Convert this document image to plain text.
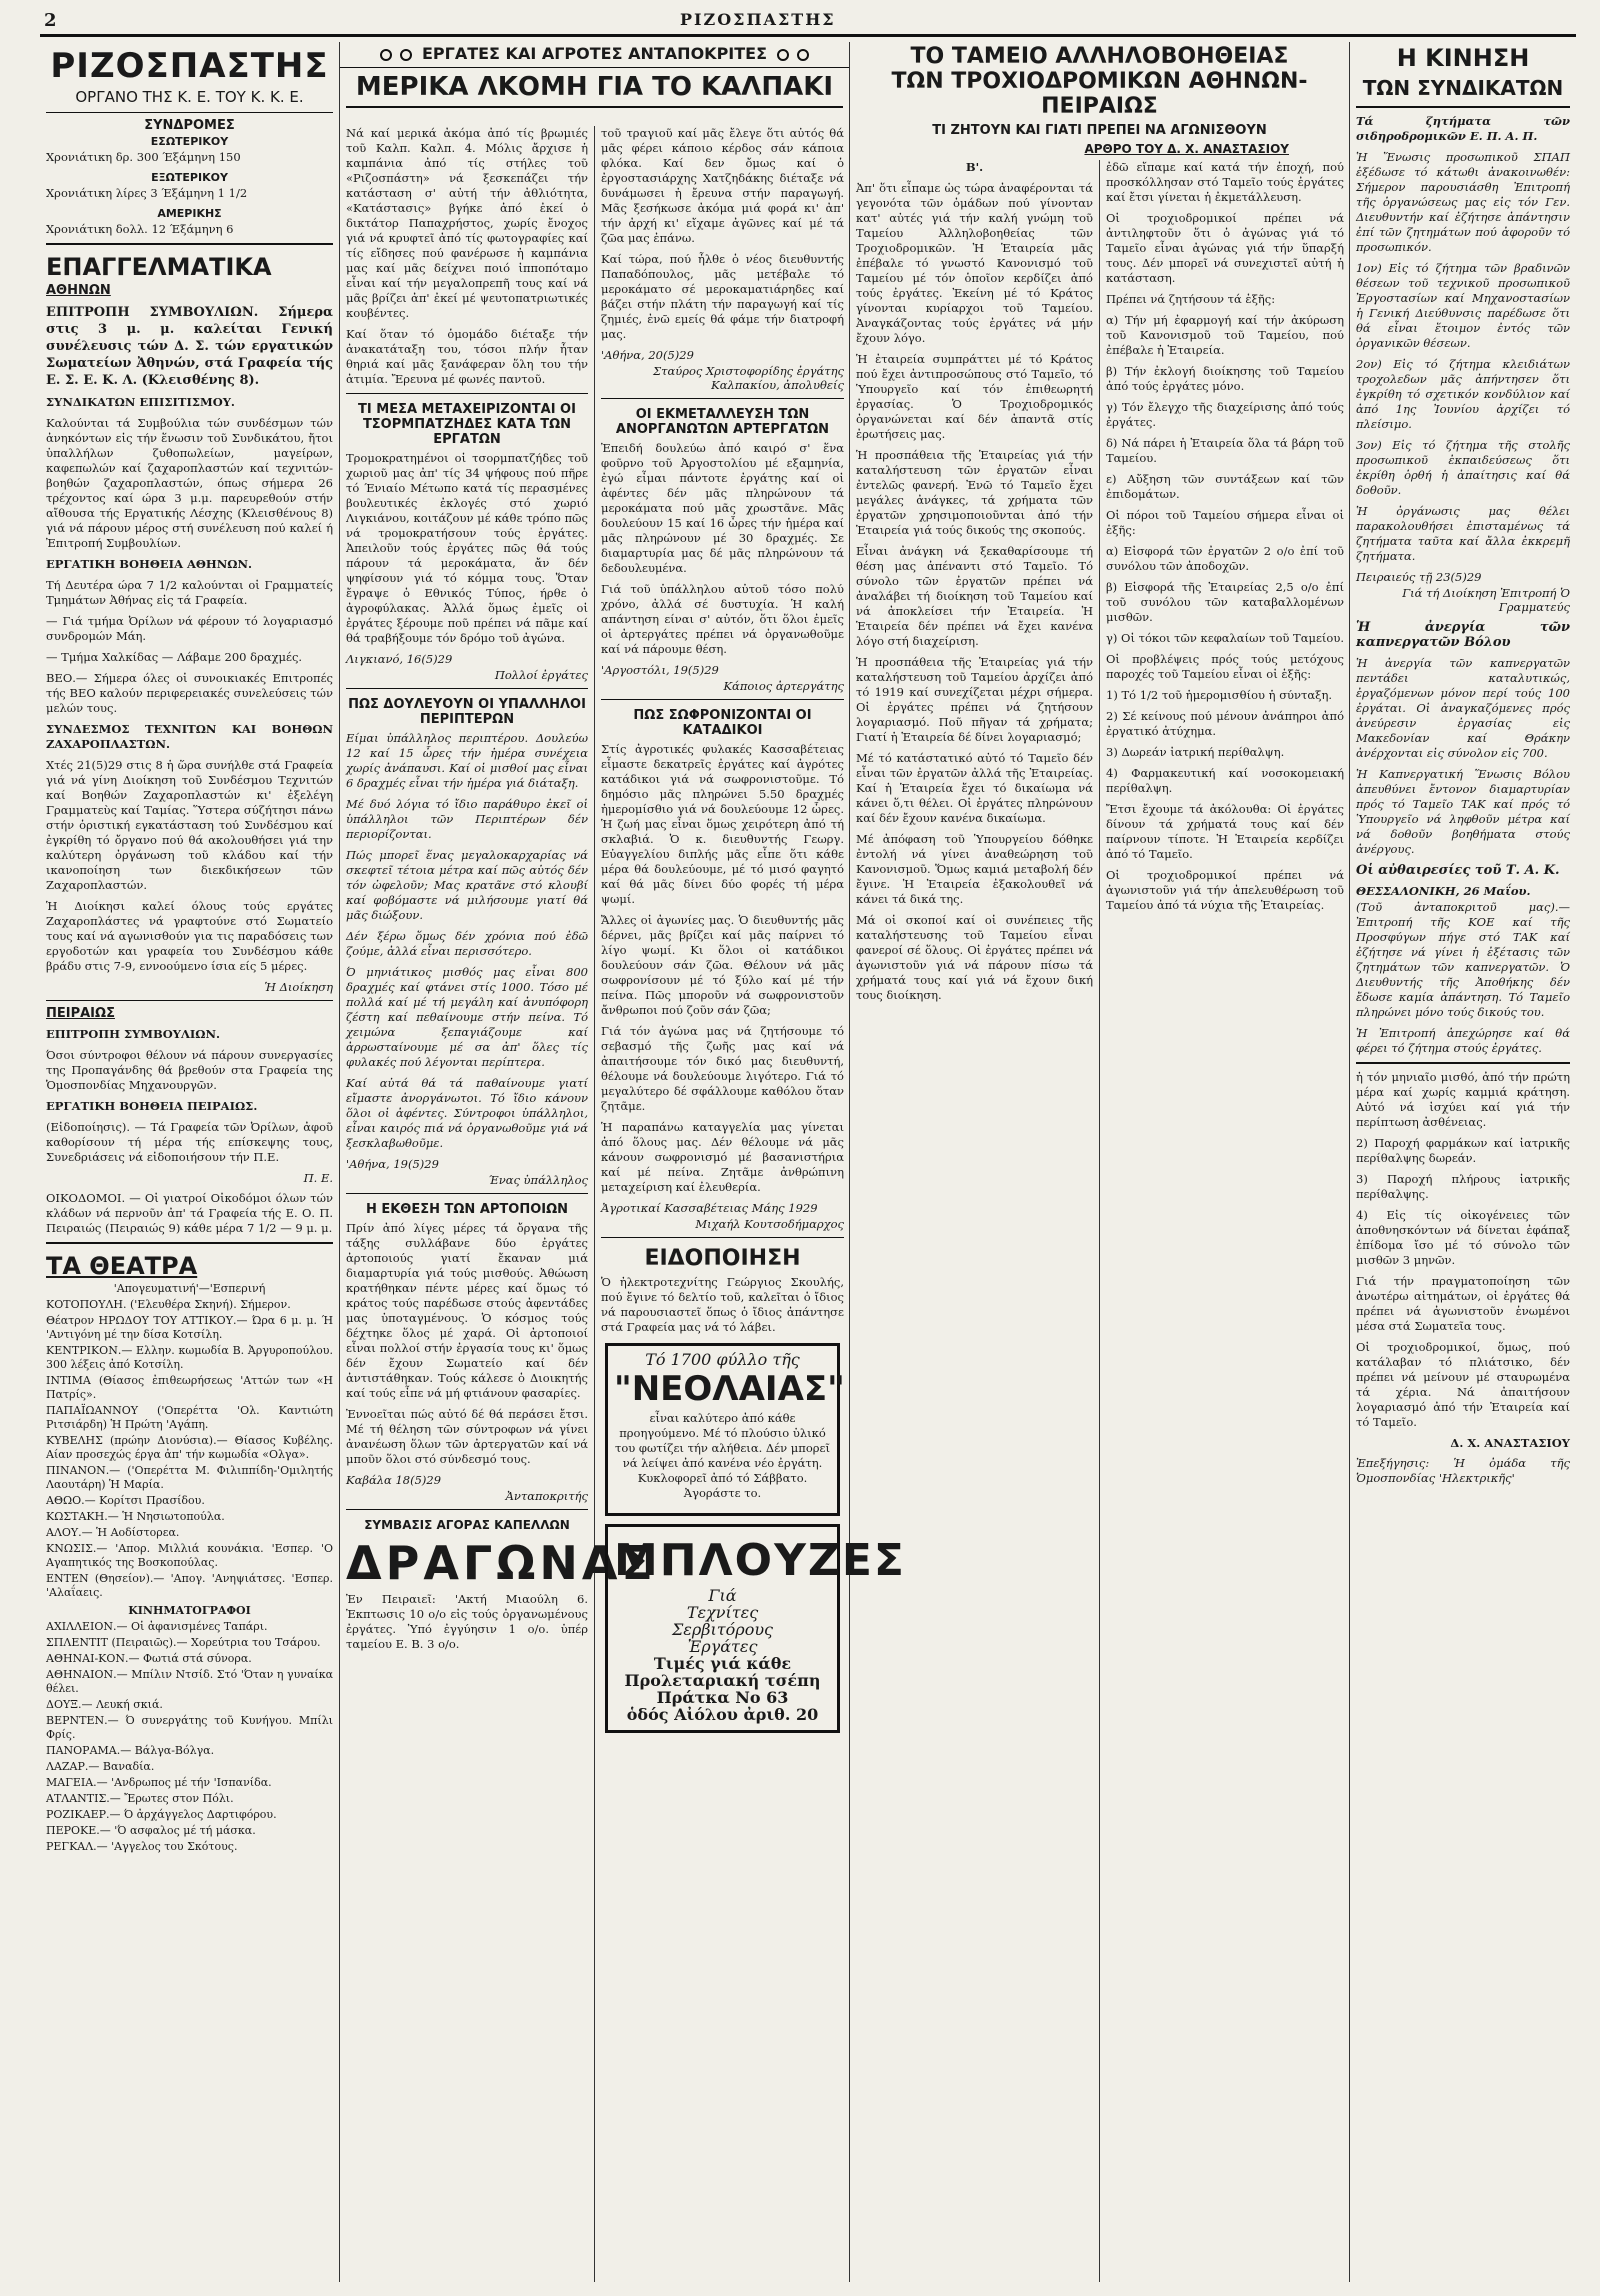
2	ΡΙΖΟΣΠΑΣΤΗΣ
ΡΙΖΟΣΠΑΣΤΗΣ
ΟΡΓΑΝΟ ΤΗΣ Κ. Ε. ΤΟΥ Κ. Κ. Ε.
ΣΥΝΔΡΟΜΕΣ
ΕΣΩΤΕΡΙΚΟΥ

Χρονιάτικη δρ. 300 Έξάμηνη 150

ΕΞΩΤΕΡΙΚΟΥ

Χρονιάτικη λίρες 3 Έξάμηνη 1 1/2

ΑΜΕΡΙΚΗΣ

Χρονιάτικη δολλ. 12 Έξάμηνη 6

ΕΠΑΓΓΕΛΜΑΤΙΚΑ
ΑΘΗΝΩΝ

ΕΠΙΤΡΟΠΗ ΣΥΜΒΟΥΛΙΩΝ. Σήμερα στις 3 μ. μ. καλείται Γενική συνέλευσις τών Δ. Σ. τών εργατικών Σωματείων Ἀθηνών, στά Γραφεία τής Ε. Σ. Ε. Κ. Λ. (Κλεισθένης 8).

ΣΥΝΔΙΚΑΤΩΝ ΕΠΙΣΙΤΙΣΜΟΥ.

Καλούνται τά Συμβούλια τών συνδέσμων τών ἀνηκόντων εἰς τήν ἕνωσιν τοῦ Συνδικάτου, ἤτοι ὑπαλλήλων ζυθοπωλείων, μαγείρων, καφεπωλών καί ζαχαροπλαστών καί τεχνιτών-βοηθών ζαχαροπλαστών, όπως σήμερα 26 τρέχοντος καί ώρα 3 μ.μ. παρευρεθούν στήν αἴθουσα τής Εργατικής Λέσχης (Κλεισθένους 8) γιά νά πάρουν μέρος στή συνέλευση πού καλεί ή Ἐπιτροπή Συμβουλίων.

ΕΡΓΑΤΙΚΗ ΒΟΗΘΕΙΑ ΑΘΗΝΩΝ.

Τή Δευτέρα ώρα 7 1/2 καλούνται οἱ Γραμματείς Τμημάτων Ἀθήνας εἰς τά Γραφεία.

— Γιά τμήμα Ὀρίλων νά φέρουν τό λογαριασμό συνδρομών Μάη.

— Τμήμα Χαλκίδας — Λάβαμε 200 δραχμές.

ΒΕΟ.— Σήμερα όλες οἱ συνοικιακές Επιτροπές τής ΒΕΟ καλούν περιφερειακές συνελεύσεις τών μελών τους.

ΣΥΝΔΕΣΜΟΣ ΤΕΧΝΙΤΩΝ ΚΑΙ ΒΟΗΘΩΝ ΖΑΧΑΡΟΠΛΑΣΤΩΝ.

Χτές 21(5)29 στις 8 ἡ ὥρα συνήλθε στά Γραφεία γιά νά γίνη Διοίκηση τοῦ Συνδέσμου Τεχνιτών καί Βοηθών Ζαχαροπλαστών κι' ἐξελέγη Γραμματεὺς καί Ταμίας. Ὕστερα σύζήτησι πάνω στήν ὁριστική εγκατάσταση τού Συνδέσμου καί ἐγκρίθη τό ὄργανο πού θά ακολουθήσει γιά την καλύτερη ὀργάνωση τοῦ κλάδου καί τήν ικανοποίηση των διεκδικήσεων τῶν Ζαχαροπλαστών.

Ἡ Διοίκησι καλεί όλους τούς εργάτες Ζαχαροπλάστες νά γραφτούνε στό Σωματείο τους καί νά αγωνισθούν για τις παραδόσεις των εργοδοτών και γραφεία του Συνδέσμου κάθε βράδυ στις 7-9, εννοούμενο ίσια είς 5 μέρες.

Ἡ Διοίκηση
ΠΕΙΡΑΙΩΣ

ΕΠΙΤΡΟΠΗ ΣΥΜΒΟΥΛΙΩΝ.

Όσοι σύντροφοι θέλουν νά πάρουν συνεργασίες της Προπαγάνδης θά βρεθούν στα Γραφεία της Ὁμοσπονδίας Μηχανουργῶν.

ΕΡΓΑΤΙΚΗ ΒΟΗΘΕΙΑ ΠΕΙΡΑΙΩΣ.

(Εἰδοποίησις). — Τά Γραφεία τῶν Ὀρίλων, ἀφοῦ καθορίσουν τή μέρα τής επίσκεψης τους, Συνεδριάσεις νά εἰδοποιήσουν τήν Π.Ε.

Π. Ε.

ΟΙΚΟΔΟΜΟΙ. — Οἱ γιατροί Οἰκοδόμοι όλων τών κλάδων νά περνοῦν ἀπ' τά Γραφεία τής Ε. Ο. Π. Πειραιώς (Πειραιώς 9) κάθε μέρα 7 1/2 — 9 μ. μ.

ΤΑ ΘΕΑΤΡΑ

'Απογευματινή'—'Εσπερινή

ΚΟΤΟΠΟΥΛΗ. ('Ελευθέρα Σκηνή). Σήμερον.

Θέατρον ΗΡΩΔΟΥ ΤΟΥ ΑΤΤΙΚΟΥ.— Ώρα 6 μ. μ. Ή 'Αντιγόνη μέ την δίσα Κοτσίλη.

ΚΕΝΤΡΙΚΟΝ.— Ελλην. κωμωδία Β. Ἀργυροπούλου. 300 λέξεις ἀπό Κοτσίλη.

ΙΝΤΙΜΑ (Θίασος ἐπιθεωρήσεως 'Αττών των «Η Πατρίς».

ΠΑΠΑΪΩΑΝΝΟΥ ('Οπερέττα 'Ολ. Καντιώτη Ριτσιάρδη) Ἡ Πρώτη 'Αγάπη.

ΚΥΒΕΛΗΣ (πρώην Διονύσια).— Θίασος Κυβέλης. Αίαν προσεχώς έργα ἀπ' τήν κωμωδία «Ολγα».

ΠΙΝΑΝΟΝ.— ('Οπερέττα Μ. Φιλιππίδη-'Ομιλητής Λαουτάρη) Ἡ Μαρία.

ΑΘΩΟ.— Κορίτσι Πρασίδου.

ΚΩΣΤΑΚΗ.— Ἡ Νησιωτοπούλα.

ΑΛΟΥ.— Ἡ Αοδίστορεα.

ΚΝΩΣΙΣ.— 'Απορ. Μιλλιά κουνάκια. 'Εσπερ. 'Ο Αγαπητικός της Βοσκοπούλας.

ΕΝΤΕΝ (Θησείον).— 'Απογ. 'Ανηψιάτσες. 'Εσπερ. 'Αλαΐαεις.

ΚΙΝΗΜΑΤΟΓΡΑΦΟΙ

ΑΧΙΛΛΕΙΟΝ.— Οἱ ἀφανισμένες Ταπάρι.

ΣΠΛΕΝΤΙΤ (Πειραιῶς).— Χορεύτρια του Τσάρου.

ΑΘΗΝΑΙ-ΚΟΝ.— Φωτιά στά σύνορα.

ΑΘΗΝΑΙΟΝ.— Μπίλιν Ντσίδ. Στό 'Όταν η γυναίκα θέλει.

ΔΟΥΞ.— Λευκή σκιά.

ΒΕΡΝΤΕΝ.— Ό συνεργάτης τοῦ Κυνήγου. Μπίλι Φρίς.

ΠΑΝΟΡΑΜΑ.— Βάλγα-Βόλγα.

ΛΑΖΑΡ.— Βαναδία.

ΜΑΓΕΙΑ.— 'Ανδρωπος μέ τήν 'Ισπανίδα.

ΑΤΛΑΝΤΙΣ.— Ἔρωτες στον Πόλι.

ΡΟΖΙΚΑΕΡ.— Ό ἀρχάγγελος Δαρτιφόρου.

ΠΕΡΟΚΕ.— 'Ό ασφαλος μέ τή μάσκα.

ΡΕΓΚΑΛ.— 'Αγγελος του Σκότους.

ΕΡΓΑΤΕΣ ΚΑΙ ΑΓΡΟΤΕΣ ΑΝΤΑΠΟΚΡΙΤΕΣ
ΜΕΡΙΚΑ ΛΚΟΜΗ ΓΙΑ ΤΟ ΚΑΛΠΑΚΙ

Νά καί μερικά ἀκόμα ἀπό τίς βρωμιές τοῦ Καλπ. Καλπ. 4. Μόλις ἄρχισε ἡ καμπάνια ἀπό τίς στήλες τοῦ «Ριζοσπάστη» νά ξεσκεπάζει τήν κατάσταση σ' αὐτή τήν ἀθλιότητα, «Κατάστασις» βγήκε ἀπό ἐκεί ὁ δικτάτορ Παπαχρήστος, χωρίς ἔνοχος γιά νά κρυφτεῖ ἀπό τίς φωτογραφίες καί τίς εἴδησες πού φανέρωσε ἡ καμπάνια μας καί μᾶς δείχνει ποιό ἱπποπόταμο εἶναι καί τήν μεγαλοπρεπῆ τους καί νά μᾶς βρίζει ἀπ' ἐκεί μέ ψευτοπατριωτικές κουβέντες.

Καί ὅταν τό ὁμομάδο διέταξε τήν ἀνακατάταξη του, τόσοι πλήν ἦταν θηριά καί μᾶς ξανάφεραν ὅλη του τήν ἀτιμία. Ἔρευνα μέ φωνές παντοῦ.

ΤΙ ΜΕΣΑ ΜΕΤΑΧΕΙΡΙΖΟΝΤΑΙ ΟΙ ΤΣΟΡΜΠΑΤΖΗΔΕΣ ΚΑΤΑ ΤΩΝ ΕΡΓΑΤΩΝ

Τρομοκρατημένοι οἱ τσορμπατζήδες τοῦ χωριοῦ μας ἀπ' τίς 34 ψήφους πού πῆρε τό Ένιαίο Μέτωπο κατά τίς περασμένες βουλευτικές ἐκλογές στό χωριό Λιγκιάνου, κοιτάζουν μέ κάθε τρόπο πῶς νά τρομοκρατήσουν τούς ἐργάτες. Ἀπειλοῦν τούς ἐργάτες πῶς θά τούς πάρουν τά μεροκάματα, ἄν δέν ψηφίσουν γιά τό κόμμα τους. Ὅταν ἔγραψε ὁ Εθνικός Τύπος, ήρθε ὁ ἀγροφύλακας. Ἀλλά ὅμως ἐμεῖς οἱ ἐργάτες ξέρουμε ποῦ πρέπει νά πᾶμε καί θά τραβήξουμε τόν δρόμο τοῦ ἀγώνα.

Λιγκιανό, 16(5)29
Πολλοί ἐργάτες
ΠΩΣ ΔΟΥΛΕΥΟΥΝ ΟΙ ΥΠΑΛΛΗΛΟΙ ΠΕΡΙΠΤΕΡΩΝ

Είμαι ὑπάλληλος περιπτέρου. Δουλεύω 12 καί 15 ὧρες τήν ἡμέρα συνέχεια χωρίς ἀνάπαυσι. Καί οἱ μισθοί μας εἶναι 6 δραχμές εἶναι τήν ἡμέρα γιά διάταξη.

Μέ δυό λόγια τό ἴδιο παράθυρο ἐκεῖ οἱ ὑπάλληλοι τῶν Περιπτέρων δέν περιορίζονται.

Πώς μπορεῖ ἕνας μεγαλοκαρχαρίας νά σκεφτεῖ τέτοια μέτρα καί πῶς αὐτός δέν τόν ὠφελοῦν; Μας κρατᾶνε στό κλουβί καί φοβόμαστε νά μιλήσουμε γιατί θά μᾶς διώξουν.

Δέν ξέρω ὅμως δέν χρόνια πού ἐδῶ ζούμε, ἀλλά εἶναι περισσότερο.

Ό μηνιάτικος μισθός μας εἶναι 800 δραχμές καί φτάνει στίς 1000. Τόσο μέ πολλά καί μέ τή μεγάλη καί ἀνυπόφορη ζέστη καί πεθαίνουμε στήν πείνα. Τό χειμώνα ξεπαγιάζουμε καί ἀρρωσταίνουμε μέ σα ἀπ' ὅλες τίς φυλακές πού λέγονται περίπτερα.

Καί αὐτά θά τά παθαίνουμε γιατί εἴμαστε ἀνοργάνωτοι. Τό ἴδιο κάνουν ὅλοι οἱ ἀφέντες. Σύντροφοι ὑπάλληλοι, εἶναι καιρός πιά νά ὀργανωθοῦμε γιά νά ξεσκλαβωθοῦμε.

'Αθήνα, 19(5)29
Ένας ὑπάλληλος
Η ΕΚΘΕΣΗ ΤΩΝ ΑΡΤΟΠΟΙΩΝ

Πρίν ἀπό λίγες μέρες τά ὄργανα τῆς τάξης συλλάβανε δύο ἐργάτες ἀρτοποιούς γιατί ἔκαναν μιά διαμαρτυρία γιά τούς μισθούς. Ἀθώωση κρατήθηκαν πέντε μέρες καί ὅμως τό κράτος τούς παρέδωσε στούς ἀφεντάδες μας ὑποταγμένους. Ὁ κόσμος τούς δέχτηκε ὅλος μέ χαρά. Οἱ ἀρτοποιοί εἶναι πολλοί στήν ἐργασία τους κι' ὅμως δέν ἔχουν Σωματείο καί δέν ἀντιστάθηκαν. Τούς κάλεσε ὁ Διοικητής καί τούς εἶπε νά μή φτιάνουν φασαρίες.

Ἐννοεῖται πώς αὐτό δέ θά περάσει ἔτσι. Μέ τή θέληση τῶν σύντροφων νά γίνει ἀνανέωση ὅλων τῶν ἀρτεργατῶν καί νά μποῦν ὅλοι στό σύνδεσμό τους.

Καβάλα 18(5)29
Ἀνταποκριτής
ΣΥΜΒΑΣΙΣ ΑΓΟΡΑΣ ΚΑΠΕΛΛΩΝ
ΔΡΑΓΩΝΑΣ

Ἐν Πειραιεῖ: 'Ακτή Μιαούλη 6. Ἐκπτωσις 10 ο/ο εἰς τούς ὀργανωμένους ἐργάτες. Ὑπό ἐγγύησιν 1 ο/ο. ὑπέρ ταμείου Ε. Β. 3 ο/ο.

τοῦ τραγιοῦ καί μᾶς ἔλεγε ὅτι αὐτός θά μᾶς φέρει κάποιο κέρδος σάν κάποια φλόκα. Καί δεν ὄμως καί ὁ ἐργοστασιάρχης Χατζηδάκης διέταξε νά δυνάμωσει ἡ ἔρευνα στήν παραγωγή. Μᾶς ξεσήκωσε ἀκόμα μιά φορά κι' ἀπ' τήν ἀρχή κι' εἴχαμε ἀγῶνες καί μέ τά ζῶα μας ἐπάνω.

Καί τώρα, πού ἦλθε ὁ νέος διευθυντής Παπαδόπουλος, μᾶς μετέβαλε τό μεροκάματο σέ μεροκαματιάρηδες καί βάζει στήν πλάτη τήν παραγωγή καί τίς ζημιές, ἐνῶ εμείς θά φάμε τήν διατροφή μας.

'Αθήνα, 20(5)29
Σταύρος Χριστοφορίδης ἐργάτης Καλπακίου, ἀπολυθείς
ΟΙ ΕΚΜΕΤΑΛΛΕΥΣΗ ΤΩΝ ΑΝΟΡΓΑΝΩΤΩΝ ΑΡΤΕΡΓΑΤΩΝ

Ἐπειδή δουλεύω ἀπό καιρό σ' ἕνα φοῦρνο τοῦ Ἀργοστολίου μέ εξαμηνία, ἐγώ εἶμαι πάντοτε ἐργάτης καί οἱ ἀφέντες δέν μᾶς πληρώνουν τά μεροκάματα πού μᾶς χρωστᾶνε. Μᾶς δουλεύουν 15 καί 16 ὧρες τήν ἡμέρα καί μᾶς πληρώνουν μέ 30 δραχμές. Σε διαμαρτυρία μας δέ μᾶς πληρώνουν τά δεδουλευμένα.

Γιά τοῦ ὑπάλληλου αὐτοῦ τόσο πολύ χρόνο, ἀλλά σέ δυστυχία. Ἡ καλή απάντηση είναι σ' αὐτόν, ὅτι ὅλοι ἐμεῖς οἱ ἀρτεργάτες πρέπει νά ὀργανωθοῦμε καί νά πάρουμε θέση.

'Αργοστόλι, 19(5)29
Κάποιος ἀρτεργάτης
ΠΩΣ ΣΩΦΡΟΝΙΖΟΝΤΑΙ ΟΙ ΚΑΤΑΔΙΚΟΙ

Στίς ἀγροτικές φυλακές Κασσαβέτειας εἶμαστε δεκατρεῖς ἐργάτες καί ἀγρότες κατάδικοι γιά νά σωφρονιστοῦμε. Τό δημόσιο μᾶς πληρώνει 5.50 δραχμές ἡμερομίσθιο γιά νά δουλεύουμε 12 ὧρες. Ἡ ζωή μας εἶναι ὅμως χειρότερη ἀπό τή σκλαβιά. Ὁ κ. διευθυντής Γεωργ. Εὐαγγελίου διπλής μᾶς εἶπε ὅτι κάθε μέρα θά δουλεύουμε, μέ τό μισό φαγητό καί θά μᾶς δίνει δύο φορές τή μέρα ψωμί.

Ἄλλες οἱ ἀγωνίες μας. Ὁ διευθυντής μᾶς δέρνει, μᾶς βρίζει καί μᾶς παίρνει τό λίγο ψωμί. Κι ὅλοι οἱ κατάδικοι δουλεύουν σάν ζῶα. Θέλουν νά μᾶς σωφρονίσουν μέ τό ξύλο καί μέ τήν πείνα. Πῶς μποροῦν νά σωφρονιστοῦν ἄνθρωποι πού ζοῦν σάν ζῶα;

Γιά τόν ἀγώνα μας νά ζητήσουμε τό σεβασμό τῆς ζωῆς μας καί νά ἀπαιτήσουμε τόν δικό μας διευθυντή, θέλουμε νά δουλεύουμε λιγότερο. Γιά τό μεγαλύτερο δέ σφάλλουμε καθόλου ὅταν ζητᾶμε.

Ἡ παραπάνω καταγγελία μας γίνεται ἀπό ὅλους μας. Δέν θέλουμε νά μᾶς κάνουν σωφρονισμό μέ βασανιστήρια καί μέ πείνα. Ζητᾶμε ἀνθρώπινη μεταχείριση καί ἐλευθερία.

Ἀγροτικαί Κασσαβέτειας Μάης 1929
Μιχαήλ Κουτσοδήμαρχος
ΕΙΔΟΠΟΙΗΣΗ

Ὁ ἠλεκτροτεχνίτης Γεώργιος Σκουλής, πού ἔγινε τό δελτίο τοῦ, καλεῖται ὁ ἴδιος νά παρουσιαστεῖ ὅπως ὁ ἴδιος ἀπάντησε στά Γραφεία μας νά τό λάβει.

Τό 1700 φύλλο τῆς

"ΝΕΟΛΑΙΑΣ"

εἶναι καλύτερο ἀπό κάθε προηγούμενο. Μέ τό πλούσιο ὑλικό του φωτίζει τήν αλήθεια. Δέν μπορεῖ νά λείψει ἀπό κανένα νέο ἐργάτη. Κυκλοφορεῖ ἀπό τό Σάββατο. Ἀγοράστε το.

ΜΠΛΟΥΖΕΣ

Γιά

Τεχνίτες

Σερβιτόρους

Ἐργάτες

Τιμές γιά κάθε

Προλεταριακή τσέπη

Πράτκα Νο 63

ὁδός Αἰόλου ἀριθ. 20

ΤΟ ΤΑΜΕΙΟ ΑΛΛΗΛΟΒΟΗΘΕΙΑΣ
ΤΩΝ ΤΡΟΧΙΟΔΡΟΜΙΚΩΝ ΑΘΗΝΩΝ-ΠΕΙΡΑΙΩΣ
ΤΙ ΖΗΤΟΥΝ ΚΑΙ ΓΙΑΤΙ ΠΡΕΠΕΙ ΝΑ ΑΓΩΝΙΣΘΟΥΝ
ΑΡΘΡΟ ΤΟΥ Δ. Χ. ΑΝΑΣΤΑΣΙΟΥ

Β'.

Ἀπ' ὅτι εἶπαμε ὡς τώρα ἀναφέρονται τά γεγονότα τῶν ὁμάδων πού γίνονταν κατ' αὐτές γιά τήν καλή γνώμη τοῦ Ταμείου Ἀλληλοβοηθείας τῶν Τροχιοδρομικῶν. Ἡ Ἑταιρεία μᾶς ἐπέβαλε τό γνωστό Κανονισμό τοῦ Ταμείου μέ τόν ὁποῖον κερδίζει ἀπό τούς ἐργάτες. Ἐκείνη μέ τό Κράτος γίνονται κυρίαρχοι τοῦ Ταμείου. Ἀναγκάζοντας τούς ἐργάτες νά μήν ἔχουν λόγο.

Ἡ ἐταιρεία συμπράττει μέ τό Κράτος πού ἔχει ἀντιπροσώπους στό Ταμεῖο, τό Ὑπουργεῖο καί τόν ἐπιθεωρητή ἐργασίας. Ὁ Τροχιοδρομικός ὀργανώνεται καί δέν ἀπαντᾶ στίς ἐρωτήσεις μας.

Ἡ προσπάθεια τῆς Ἑταιρείας γιά τήν καταλήστευση τῶν ἐργατῶν εἶναι ἐντελῶς φανερή. Ἐνῶ τό Ταμεῖο ἔχει μεγάλες ἀνάγκες, τά χρήματα τῶν ἐργατῶν χρησιμοποιοῦνται ἀπό τήν Ἑταιρεία γιά τούς δικούς της σκοπούς.

Εἶναι ἀνάγκη νά ξεκαθαρίσουμε τή θέση μας ἀπέναντι στό Ταμεῖο. Τό σύνολο τῶν ἐργατῶν πρέπει νά ἀναλάβει τή διοίκηση τοῦ Ταμείου καί νά ἀποκλείσει τήν Ἑταιρεία. Ἡ Ἑταιρεία δέν πρέπει νά ἔχει κανένα λόγο στή διαχείριση.

Ἡ προσπάθεια τῆς Ἑταιρείας γιά τήν καταλήστευση τοῦ Ταμείου ἀρχίζει ἀπό τό 1919 καί συνεχίζεται μέχρι σήμερα. Οἱ ἐργάτες πρέπει νά ζητήσουν λογαριασμό. Ποῦ πῆγαν τά χρήματα; Γιατί ἡ Ἑταιρεία δέ δίνει λογαριασμό;

Μέ τό κατάστατικό αὐτό τό Ταμεῖο δέν εἶναι τῶν ἐργατῶν ἀλλά τῆς Ἑταιρείας. Καί ἡ Ἑταιρεία ἔχει τό δικαίωμα νά κάνει ὅ,τι θέλει. Οἱ ἐργάτες πληρώνουν καί δέν ἔχουν κανένα δικαίωμα.

Μέ ἀπόφαση τοῦ Ὑπουργείου δόθηκε ἐντολή νά γίνει ἀναθεώρηση τοῦ Κανονισμοῦ. Ὅμως καμιά μεταβολή δέν ἔγινε. Ἡ Ἑταιρεία ἐξακολουθεῖ νά κάνει τά δικά της.

Μά οἱ σκοποί καί οἱ συνέπειες τῆς καταλήστευσης τοῦ Ταμείου εἶναι φανεροί σέ ὅλους. Οἱ ἐργάτες πρέπει νά ἀγωνιστοῦν γιά νά πάρουν πίσω τά χρήματά τους καί γιά νά ἔχουν δική τους διοίκηση.

ἐδῶ εἴπαμε καί κατά τήν ἐποχή, πού προσκόλλησαν στό Ταμεῖο τούς ἐργάτες καί ἔτσι γίνεται ἡ ἐκμετάλλευση.

Οἱ τροχιοδρομικοί πρέπει νά ἀντιληφτοῦν ὅτι ὁ ἀγώνας γιά τό Ταμεῖο εἶναι ἀγώνας γιά τήν ὕπαρξή τους. Δέν μπορεῖ νά συνεχιστεῖ αὐτή ἡ κατάσταση.

Πρέπει νά ζητήσουν τά ἑξῆς:

α) Τήν μή ἐφαρμογή καί τήν ἀκύρωση τοῦ Κανονισμοῦ τοῦ Ταμείου, πού ἐπέβαλε ἡ Ἑταιρεία.

β) Τήν ἐκλογή διοίκησης τοῦ Ταμείου ἀπό τούς ἐργάτες μόνο.

γ) Τόν ἔλεγχο τῆς διαχείρισης ἀπό τούς ἐργάτες.

δ) Νά πάρει ἡ Ἑταιρεία ὅλα τά βάρη τοῦ Ταμείου.

ε) Αὔξηση τῶν συντάξεων καί τῶν ἐπιδομάτων.

Οἱ πόροι τοῦ Ταμείου σήμερα εἶναι οἱ ἑξῆς:

α) Εἰσφορά τῶν ἐργατῶν 2 ο/ο ἐπί τοῦ συνόλου τῶν ἀποδοχῶν.

β) Εἰσφορά τῆς Ἑταιρείας 2,5 ο/ο ἐπί τοῦ συνόλου τῶν καταβαλλομένων μισθῶν.

γ) Οἱ τόκοι τῶν κεφαλαίων τοῦ Ταμείου.

Οἱ προβλέψεις πρός τούς μετόχους παροχές τοῦ Ταμείου εἶναι οἱ ἑξῆς:

1) Τό 1/2 τοῦ ἡμερομισθίου ἡ σύνταξη.

2) Σέ κείνους πού μένουν ἀνάπηροι ἀπό ἐργατικό ἀτύχημα.

3) Δωρεάν ἰατρική περίθαλψη.

4) Φαρμακευτική καί νοσοκομειακή περίθαλψη.

Ἔτσι ἔχουμε τά ἀκόλουθα: Οἱ ἐργάτες δίνουν τά χρήματά τους καί δέν παίρνουν τίποτε. Ἡ Ἑταιρεία κερδίζει ἀπό τό Ταμεῖο.

Οἱ τροχιοδρομικοί πρέπει νά ἀγωνιστοῦν γιά τήν ἀπελευθέρωση τοῦ Ταμείου ἀπό τά νύχια τῆς Ἑταιρείας.

Η ΚΙΝΗΣΗ
ΤΩΝ ΣΥΝΔΙΚΑΤΩΝ

Τά ζητήματα τῶν σιδηροδρομικῶν Ε. Π. Α. Π.

Ἡ Ἕνωσις προσωπικοῦ ΣΠΑΠ ἐξέδωσε τό κάτωθι ἀνακοινωθέν: Σήμερον παρουσιάσθη Ἐπιτροπή τῆς ὀργανώσεως μας εἰς τόν Γεν. Διευθυντήν καί ἐζήτησε ἀπάντησιν ἐπί τῶν ζητημάτων πού ἀφοροῦν τό προσωπικόν.

1ον) Εἰς τό ζήτημα τῶν βραδινῶν θέσεων τοῦ τεχνικοῦ προσωπικοῦ Ἐργοστασίων καί Μηχανοστασίων ἡ Γενική Διεύθυνσις παρέδωσε ὅτι θά εἶναι ἕτοιμον ἐντός τῶν ὀργανικῶν θέσεων.

2ον) Εἰς τό ζήτημα κλειδιάτων τροχολεδων μᾶς ἀπήντησεν ὅτι ἐγκρίθη τό σχετικόν κονδύλιον καί ἀπό 1ης Ἰουνίου ἀρχίζει τό πλείσιμο.

3ον) Εἰς τό ζήτημα τῆς στολῆς προσωπικοῦ ἐκπαιδεύσεως ὅτι ἐκρίθη ὁρθή ἡ ἀπαίτησις καί θά δοθοῦν.

Ἡ ὀργάνωσις μας θέλει παρακολουθήσει ἐπισταμένως τά ζητήματα ταῦτα καί ἄλλα ἐκκρεμῆ ζητήματα.

Πειραιεύς τῇ 23(5)29
Γιά τή Διοίκηση Ἐπιτροπή Ὁ Γραμματεύς

Ἡ ἀνεργία τῶν καπνεργατῶν Βόλου

Ἡ ἀνεργία τῶν καπνεργατῶν πεντάδει καταλυτικώς, ἐργαζόμενων μόνον περί τούς 100 ἐργάται. Οἱ ἀναγκαζόμενες πρός ἀνεύρεσιν ἐργασίας εἰς Μακεδονίαν καί Θράκην ἀνέρχονται εἰς σύνολον εἰς 700.

Ἡ Καπνεργατική Ἕνωσις Βόλου ἀπευθύνει ἔντονον διαμαρτυρίαν πρός τό Ταμεῖο ΤΑΚ καί πρός τό Ὑπουργεῖο νά ληφθοῦν μέτρα καί νά δοθοῦν βοηθήματα στούς ἀνέργους.

Οἱ αὐθαιρεσίες τοῦ Τ. Α. Κ.

ΘΕΣΣΑΛΟΝΙΚΗ, 26 Μαΐου.

(Τοῦ ἀνταποκριτοῦ μας).— Ἐπιτροπή τῆς ΚΟΕ καί τῆς Προσφύγων πήγε στό ΤΑΚ καί ἐζήτησε νά γίνει ἡ ἐξέτασις τῶν ζητημάτων τῶν καπνεργατῶν. Ὁ Διευθυντής τῆς Ἀποθήκης δέν ἔδωσε καμία ἀπάντηση. Τό Ταμεῖο πληρώνει μόνο τούς δικούς του.

Ἡ Ἐπιτροπή ἀπεχώρησε καί θά φέρει τό ζήτημα στούς ἐργάτες.

ἡ τόν μηνιαῖο μισθό, ἀπό τήν πρώτη μέρα καί χωρίς καμμιά κράτηση. Αὐτό νά ἰσχύει καί γιά τήν περίπτωση ἀσθένειας.

2) Παροχή φαρμάκων καί ἰατρικῆς περίθαλψης δωρεάν.

3) Παροχή πλήρους ἰατρικῆς περίθαλψης.

4) Εἰς τίς οἰκογένειες τῶν ἀποθνησκόντων νά δίνεται ἐφάπαξ ἐπίδομα ἴσο μέ τό σύνολο τῶν μισθῶν 3 μηνῶν.

Γιά τήν πραγματοποίηση τῶν ἀνωτέρω αἰτημάτων, οἱ ἐργάτες θά πρέπει νά ἀγωνιστοῦν ἑνωμένοι μέσα στά Σωματεῖα τους.

Οἱ τροχιοδρομικοί, ὅμως, πού κατάλαβαν τό πλιάτσικο, δέν πρέπει νά μείνουν μέ σταυρωμένα τά χέρια. Νά ἀπαιτήσουν λογαριασμό ἀπό τήν Ἑταιρεία καί τό Ταμεῖο.

Δ. Χ. ΑΝΑΣΤΑΣΙΟΥ

Ἐπεξήγησις: Ἡ ὀμάδα τῆς Ὁμοσπονδίας 'Ηλεκτρικῆς'
